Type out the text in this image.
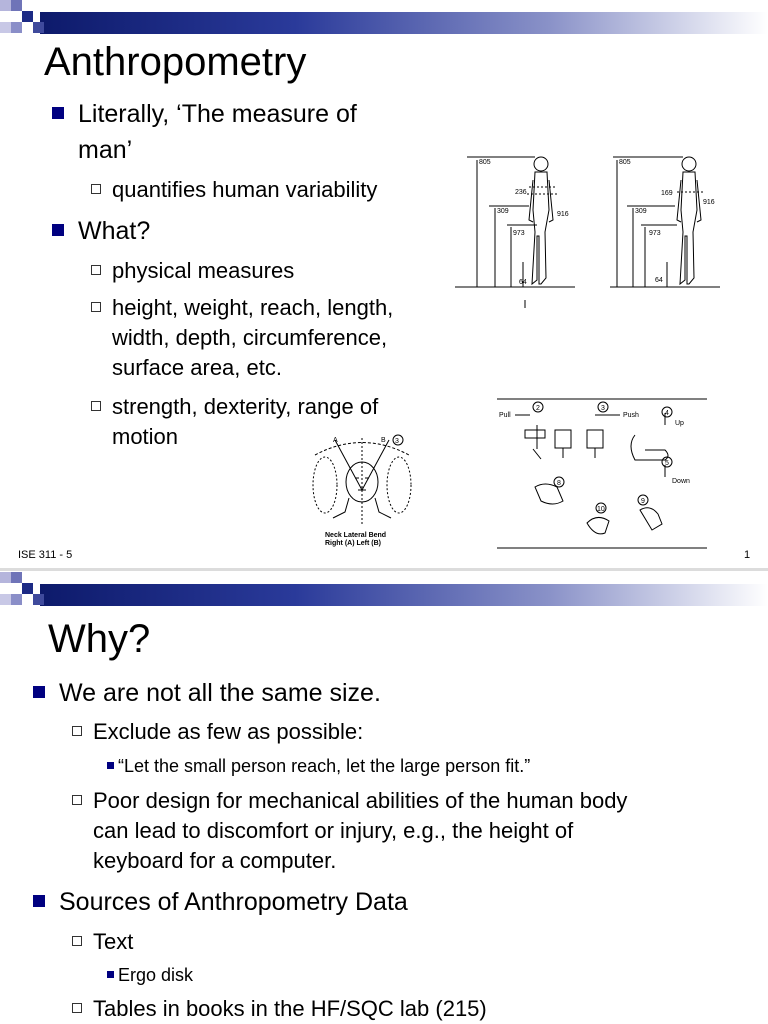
Anthropometry
Literally, ‘The measure of
man’
quantifies human variability
What?
physical measures
height, weight, reach, length,
width, depth, circumference,
surface area, etc.
strength, dexterity, range of
motion
805
236
309	916
973
64
805
169
916
309
973
64
A	B 3
Neck Lateral Bend
Right (A) Left (B)
Pull	Push
Up
Down
2	3
4
5
8
9
10
ISE 311 - 5	1
Why?
We are not all the same size.
Exclude as few as possible:
“Let the small person reach, let the large person fit.”
Poor design for mechanical abilities of the human body
can lead to discomfort or injury, e.g., the height of
keyboard for a computer.
Sources of Anthropometry Data
Text
Ergo disk
Tables in books in the HF/SQC lab (215)
